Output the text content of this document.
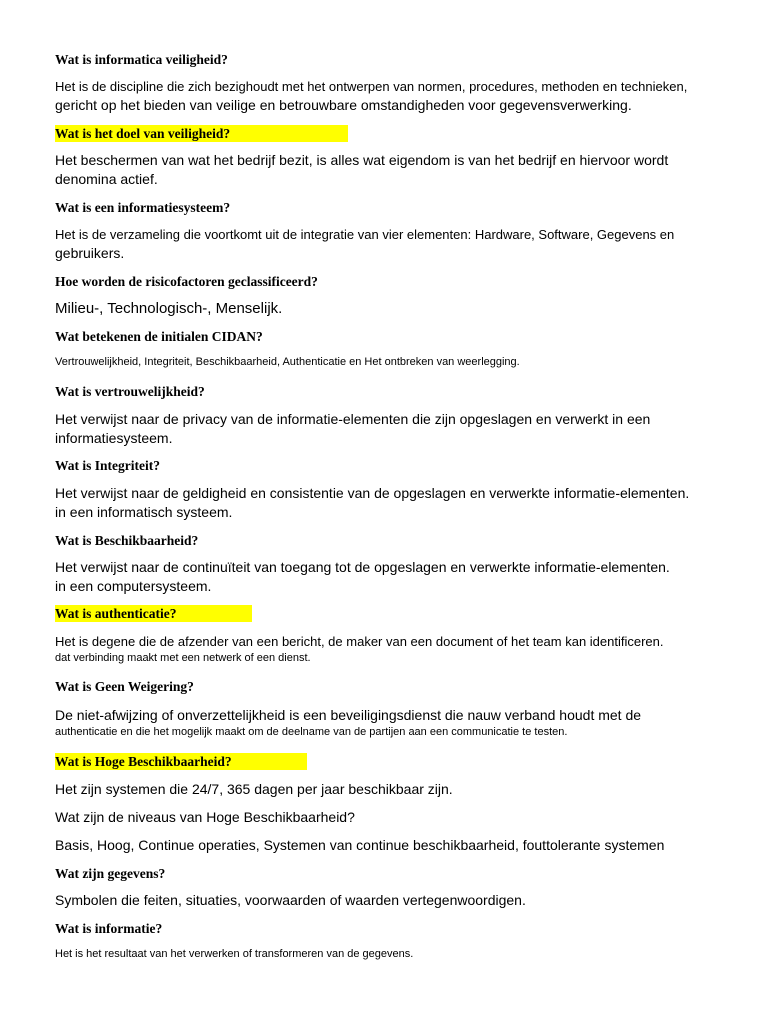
Wat is informatica veiligheid?
Het is de discipline die zich bezighoudt met het ontwerpen van normen, procedures, methoden en technieken,
gericht op het bieden van veilige en betrouwbare omstandigheden voor gegevensverwerking.
Wat is het doel van veiligheid?
Het beschermen van wat het bedrijf bezit, is alles wat eigendom is van het bedrijf en hiervoor wordt
denomina actief.
Wat is een informatiesysteem?
Het is de verzameling die voortkomt uit de integratie van vier elementen: Hardware, Software, Gegevens en
gebruikers.
Hoe worden de risicofactoren geclassificeerd?
Milieu-, Technologisch-, Menselijk.
Wat betekenen de initialen CIDAN?
Vertrouwelijkheid, Integriteit, Beschikbaarheid, Authenticatie en Het ontbreken van weerlegging.
Wat is vertrouwelijkheid?
Het verwijst naar de privacy van de informatie-elementen die zijn opgeslagen en verwerkt in een
informatiesysteem.
Wat is Integriteit?
Het verwijst naar de geldigheid en consistentie van de opgeslagen en verwerkte informatie-elementen.
in een informatisch systeem.
Wat is Beschikbaarheid?
Het verwijst naar de continuïteit van toegang tot de opgeslagen en verwerkte informatie-elementen.
in een computersysteem.
Wat is authenticatie?
Het is degene die de afzender van een bericht, de maker van een document of het team kan identificeren.
dat verbinding maakt met een netwerk of een dienst.
Wat is Geen Weigering?
De niet-afwijzing of onverzettelijkheid is een beveiligingsdienst die nauw verband houdt met de
authenticatie en die het mogelijk maakt om de deelname van de partijen aan een communicatie te testen.
Wat is Hoge Beschikbaarheid?
Het zijn systemen die 24/7, 365 dagen per jaar beschikbaar zijn.
Wat zijn de niveaus van Hoge Beschikbaarheid?
Basis, Hoog, Continue operaties, Systemen van continue beschikbaarheid, fouttolerante systemen
Wat zijn gegevens?
Symbolen die feiten, situaties, voorwaarden of waarden vertegenwoordigen.
Wat is informatie?
Het is het resultaat van het verwerken of transformeren van de gegevens.
